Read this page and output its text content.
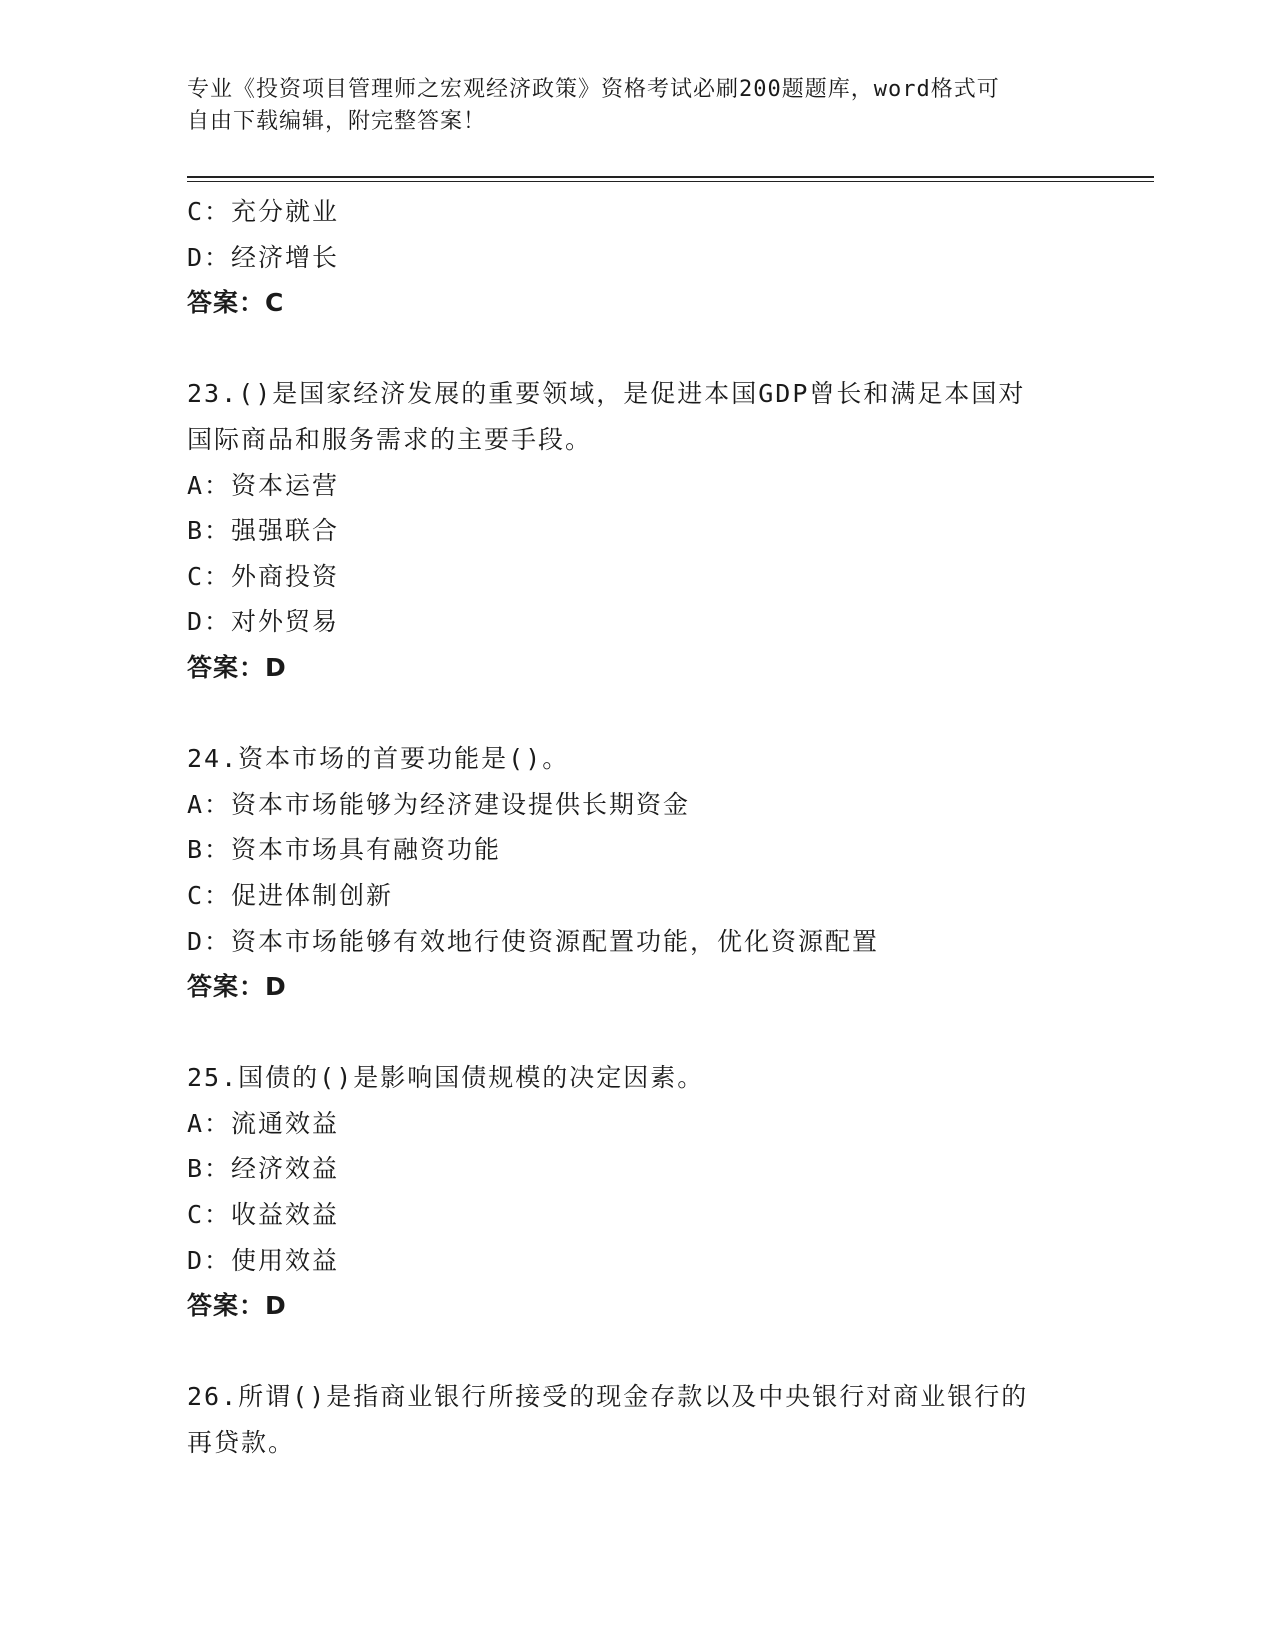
专业《投资项目管理师之宏观经济政策》资格考试必刷200题题库，word格式可
自由下载编辑，附完整答案！
C：充分就业
D：经济增长
答案：C
23.()是国家经济发展的重要领域，是促进本国GDP曾长和满足本国对
国际商品和服务需求的主要手段。
A：资本运营
B：强强联合
C：外商投资
D：对外贸易
答案：D
24.资本市场的首要功能是()。
A：资本市场能够为经济建设提供长期资金
B：资本市场具有融资功能
C：促进体制创新
D：资本市场能够有效地行使资源配置功能，优化资源配置
答案：D
25.国债的()是影响国债规模的决定因素。
A：流通效益
B：经济效益
C：收益效益
D：使用效益
答案：D
26.所谓()是指商业银行所接受的现金存款以及中央银行对商业银行的
再贷款。
